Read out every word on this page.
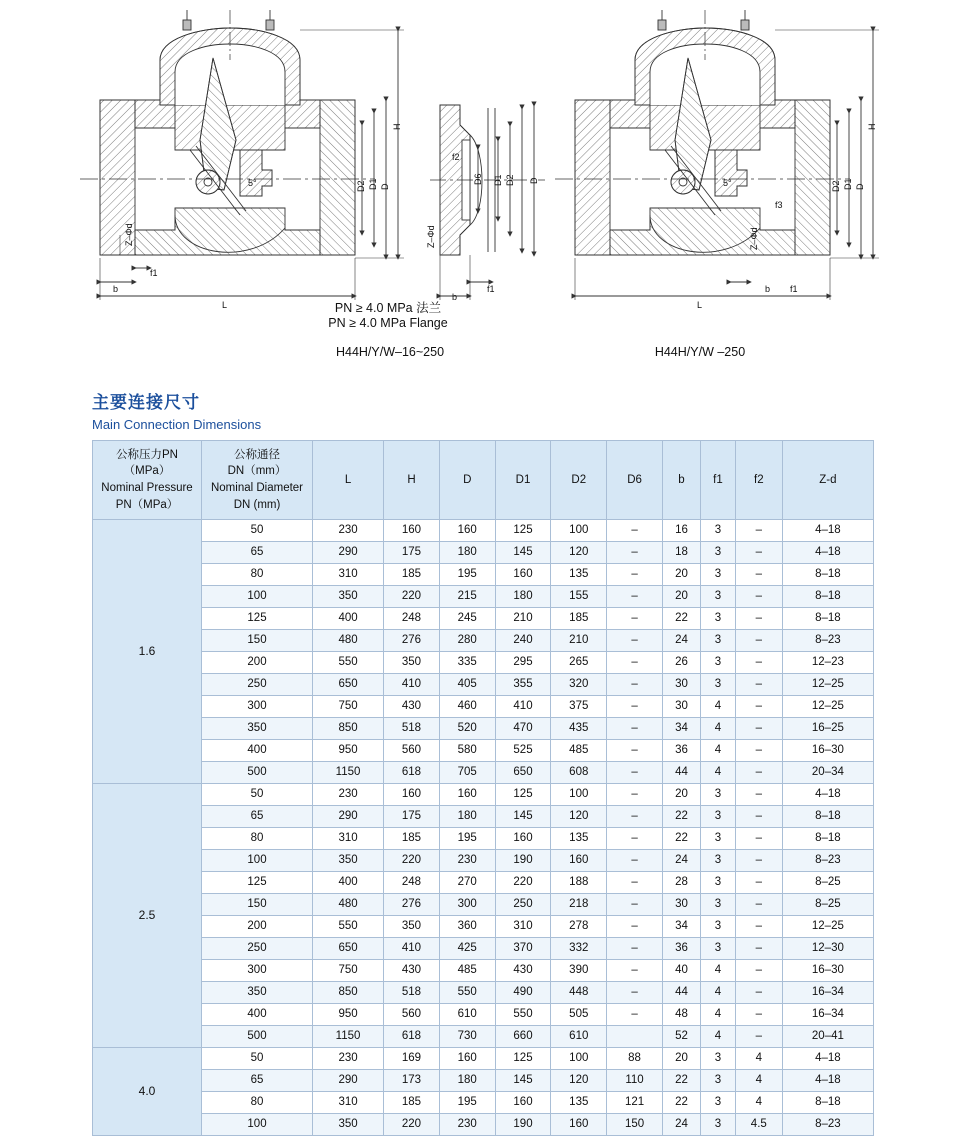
H
D
D1
D2
L
b
f1
Z–Φd
5°	D6 D1 D2 D
f2
b
f1
Z–Φd
H
D
D1
D2
L
b f1
f3
Z–Φd
5°
PN ≥ 4.0 MPa 法兰
PN ≥ 4.0 MPa Flange
H44H/Y/W–16~250	H44H/Y/W –250

主要连接尺寸

Main Connection Dimensions

公称压力PN
（MPa）
Nominal Pressure
PN（MPa）	公称通径
DN（mm）
Nominal Diameter
DN (mm)	L	H	D	D1	D2	D6	b	f1	f2	Z-d

1.6	50	230	160	160	125	100	–	16	3	–	4–18
	65	290	175	180	145	120	–	18	3	–	4–18
	80	310	185	195	160	135	–	20	3	–	8–18
	100	350	220	215	180	155	–	20	3	–	8–18
	125	400	248	245	210	185	–	22	3	–	8–18
	150	480	276	280	240	210	–	24	3	–	8–23
	200	550	350	335	295	265	–	26	3	–	12–23
	250	650	410	405	355	320	–	30	3	–	12–25
	300	750	430	460	410	375	–	30	4	–	12–25
	350	850	518	520	470	435	–	34	4	–	16–25
	400	950	560	580	525	485	–	36	4	–	16–30
	500	1150	618	705	650	608	–	44	4	–	20–34
2.5	50	230	160	160	125	100	–	20	3	–	4–18
	65	290	175	180	145	120	–	22	3	–	8–18
	80	310	185	195	160	135	–	22	3	–	8–18
	100	350	220	230	190	160	–	24	3	–	8–23
	125	400	248	270	220	188	–	28	3	–	8–25
	150	480	276	300	250	218	–	30	3	–	8–25
	200	550	350	360	310	278	–	34	3	–	12–25
	250	650	410	425	370	332	–	36	3	–	12–30
	300	750	430	485	430	390	–	40	4	–	16–30
	350	850	518	550	490	448	–	44	4	–	16–34
	400	950	560	610	550	505	–	48	4	–	16–34
	500	1150	618	730	660	610		52	4	–	20–41
4.0	50	230	169	160	125	100	88	20	3	4	4–18
	65	290	173	180	145	120	110	22	3	4	4–18
	80	310	185	195	160	135	121	22	3	4	8–18
	100	350	220	230	190	160	150	24	3	4.5	8–23
